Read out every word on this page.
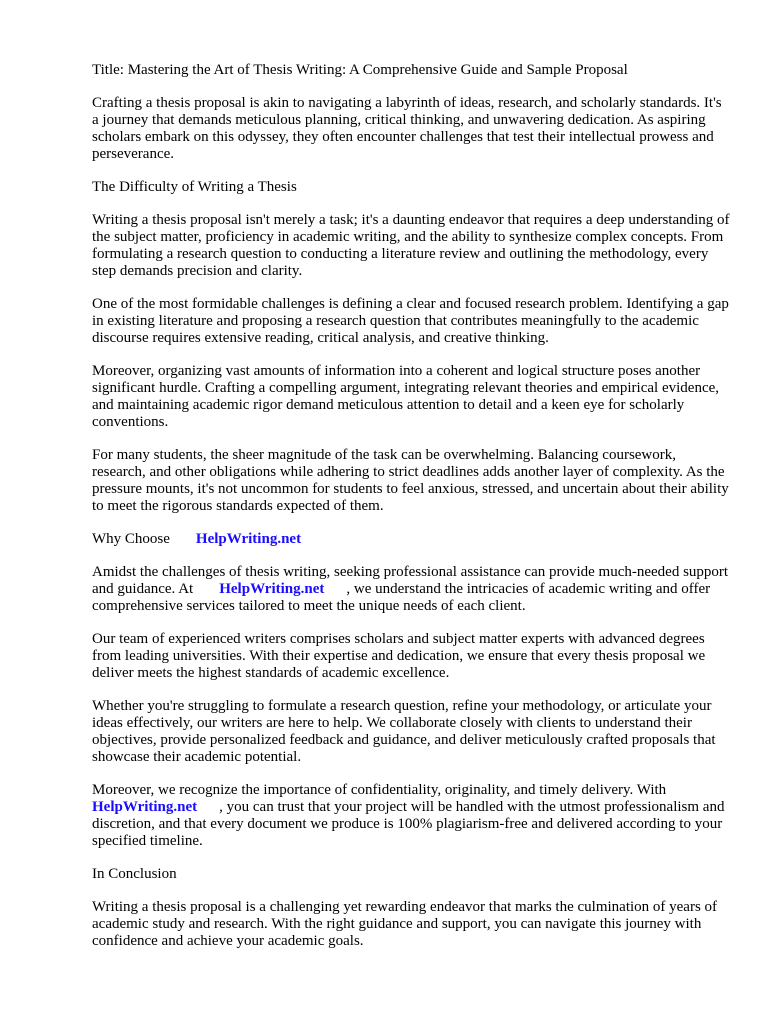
Title: Mastering the Art of Thesis Writing: A Comprehensive Guide and Sample Proposal

Crafting a thesis proposal is akin to navigating a labyrinth of ideas, research, and scholarly standards. It's a journey that demands meticulous planning, critical thinking, and unwavering dedication. As aspiring scholars embark on this odyssey, they often encounter challenges that test their intellectual prowess and perseverance.

The Difficulty of Writing a Thesis

Writing a thesis proposal isn't merely a task; it's a daunting endeavor that requires a deep understanding of the subject matter, proficiency in academic writing, and the ability to synthesize complex concepts. From formulating a research question to conducting a literature review and outlining the methodology, every step demands precision and clarity.

One of the most formidable challenges is defining a clear and focused research problem. Identifying a gap in existing literature and proposing a research question that contributes meaningfully to the academic discourse requires extensive reading, critical analysis, and creative thinking.

Moreover, organizing vast amounts of information into a coherent and logical structure poses another significant hurdle. Crafting a compelling argument, integrating relevant theories and empirical evidence, and maintaining academic rigor demand meticulous attention to detail and a keen eye for scholarly conventions.

For many students, the sheer magnitude of the task can be overwhelming. Balancing coursework, research, and other obligations while adhering to strict deadlines adds another layer of complexity. As the pressure mounts, it's not uncommon for students to feel anxious, stressed, and uncertain about their ability to meet the rigorous standards expected of them.

Why Choose HelpWriting.net

Amidst the challenges of thesis writing, seeking professional assistance can provide much-needed support and guidance. At HelpWriting.net , we understand the intricacies of academic writing and offer comprehensive services tailored to meet the unique needs of each client.

Our team of experienced writers comprises scholars and subject matter experts with advanced degrees from leading universities. With their expertise and dedication, we ensure that every thesis proposal we deliver meets the highest standards of academic excellence.

Whether you're struggling to formulate a research question, refine your methodology, or articulate your ideas effectively, our writers are here to help. We collaborate closely with clients to understand their objectives, provide personalized feedback and guidance, and deliver meticulously crafted proposals that showcase their academic potential.

Moreover, we recognize the importance of confidentiality, originality, and timely delivery. With HelpWriting.net , you can trust that your project will be handled with the utmost professionalism and discretion, and that every document we produce is 100% plagiarism-free and delivered according to your specified timeline.

In Conclusion

Writing a thesis proposal is a challenging yet rewarding endeavor that marks the culmination of years of academic study and research. With the right guidance and support, you can navigate this journey with confidence and achieve your academic goals.
